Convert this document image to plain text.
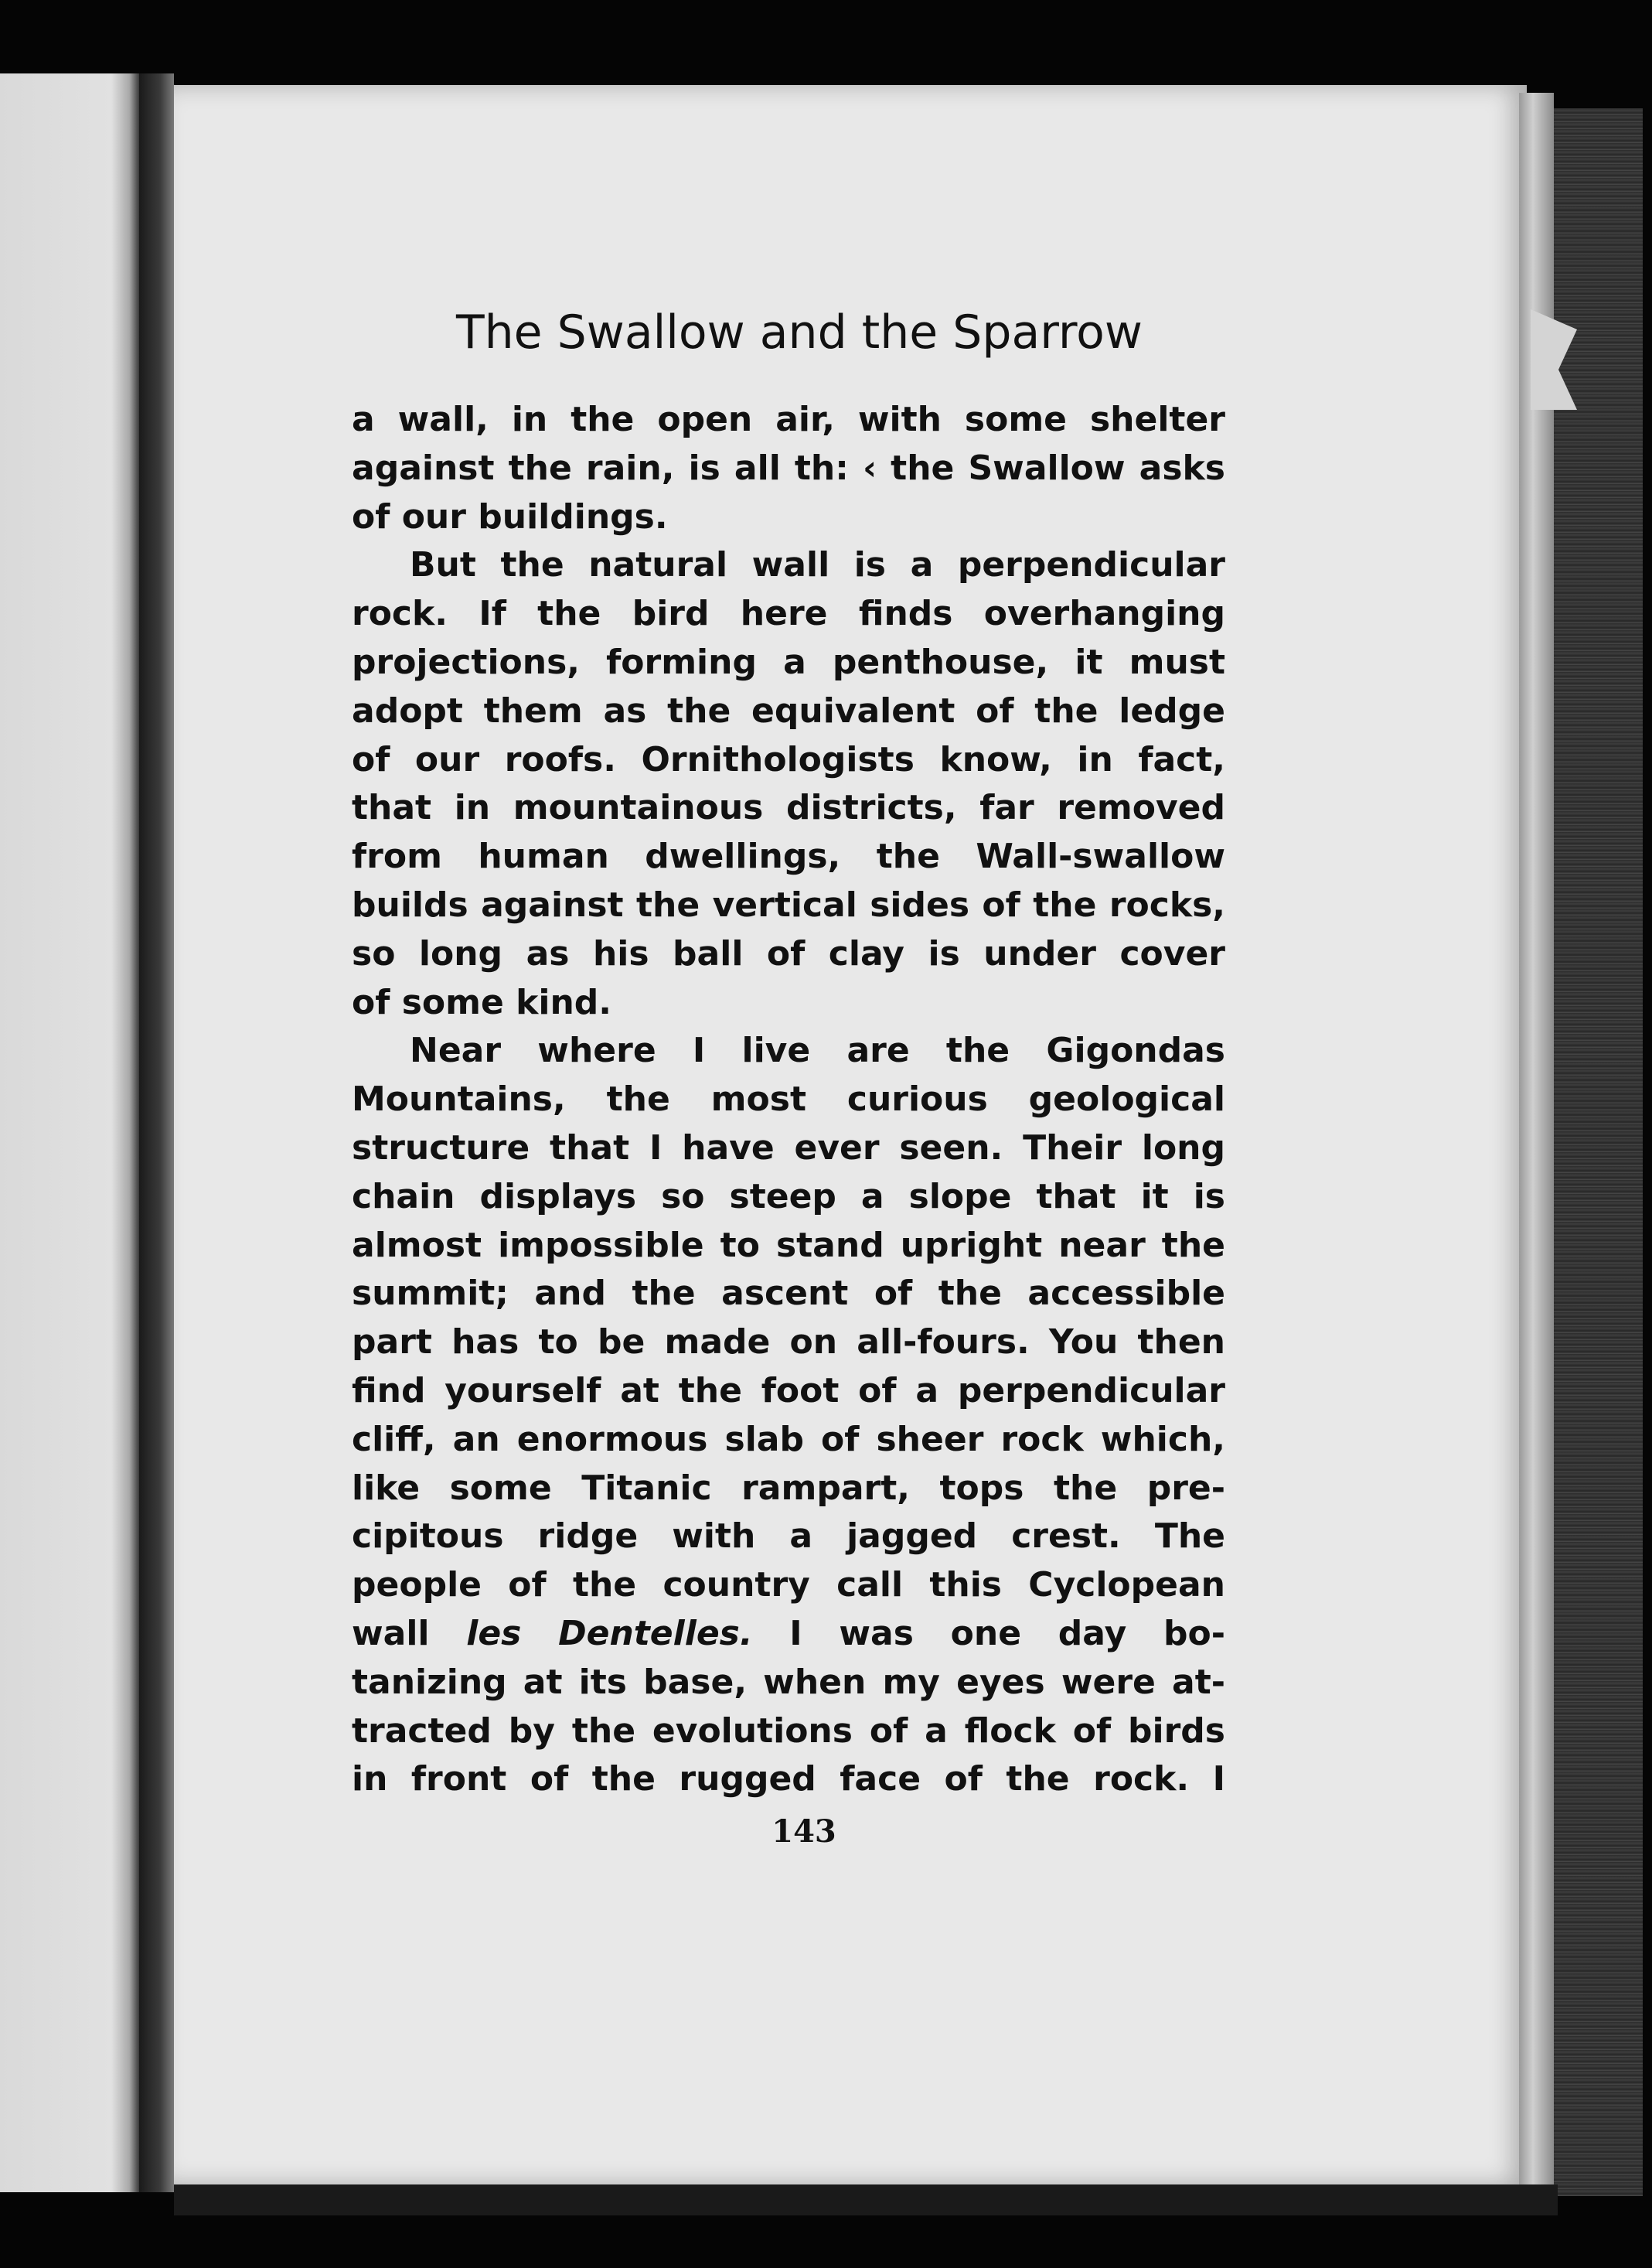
The Swallow and the Sparrow
a wall, in the open air, with some shelter
against the rain, is all th: ‹ the Swallow asks
of our buildings.
But the natural wall is a perpendicular
rock. If the bird here finds overhanging
projections, forming a penthouse, it must
adopt them as the equivalent of the ledge
of our roofs. Ornithologists know, in fact,
that in mountainous districts, far removed
from human dwellings, the Wall-swallow
builds against the vertical sides of the rocks,
so long as his ball of clay is under cover
of some kind.
Near where I live are the Gigondas
Mountains, the most curious geological
structure that I have ever seen. Their long
chain displays so steep a slope that it is
almost impossible to stand upright near the
summit; and the ascent of the accessible
part has to be made on all-fours. You then
find yourself at the foot of a perpendicular
cliff, an enormous slab of sheer rock which,
like some Titanic rampart, tops the pre-
cipitous ridge with a jagged crest. The
people of the country call this Cyclopean
wall les Dentelles. I was one day bo-
tanizing at its base, when my eyes were at-
tracted by the evolutions of a flock of birds
in front of the rugged face of the rock. I
143
